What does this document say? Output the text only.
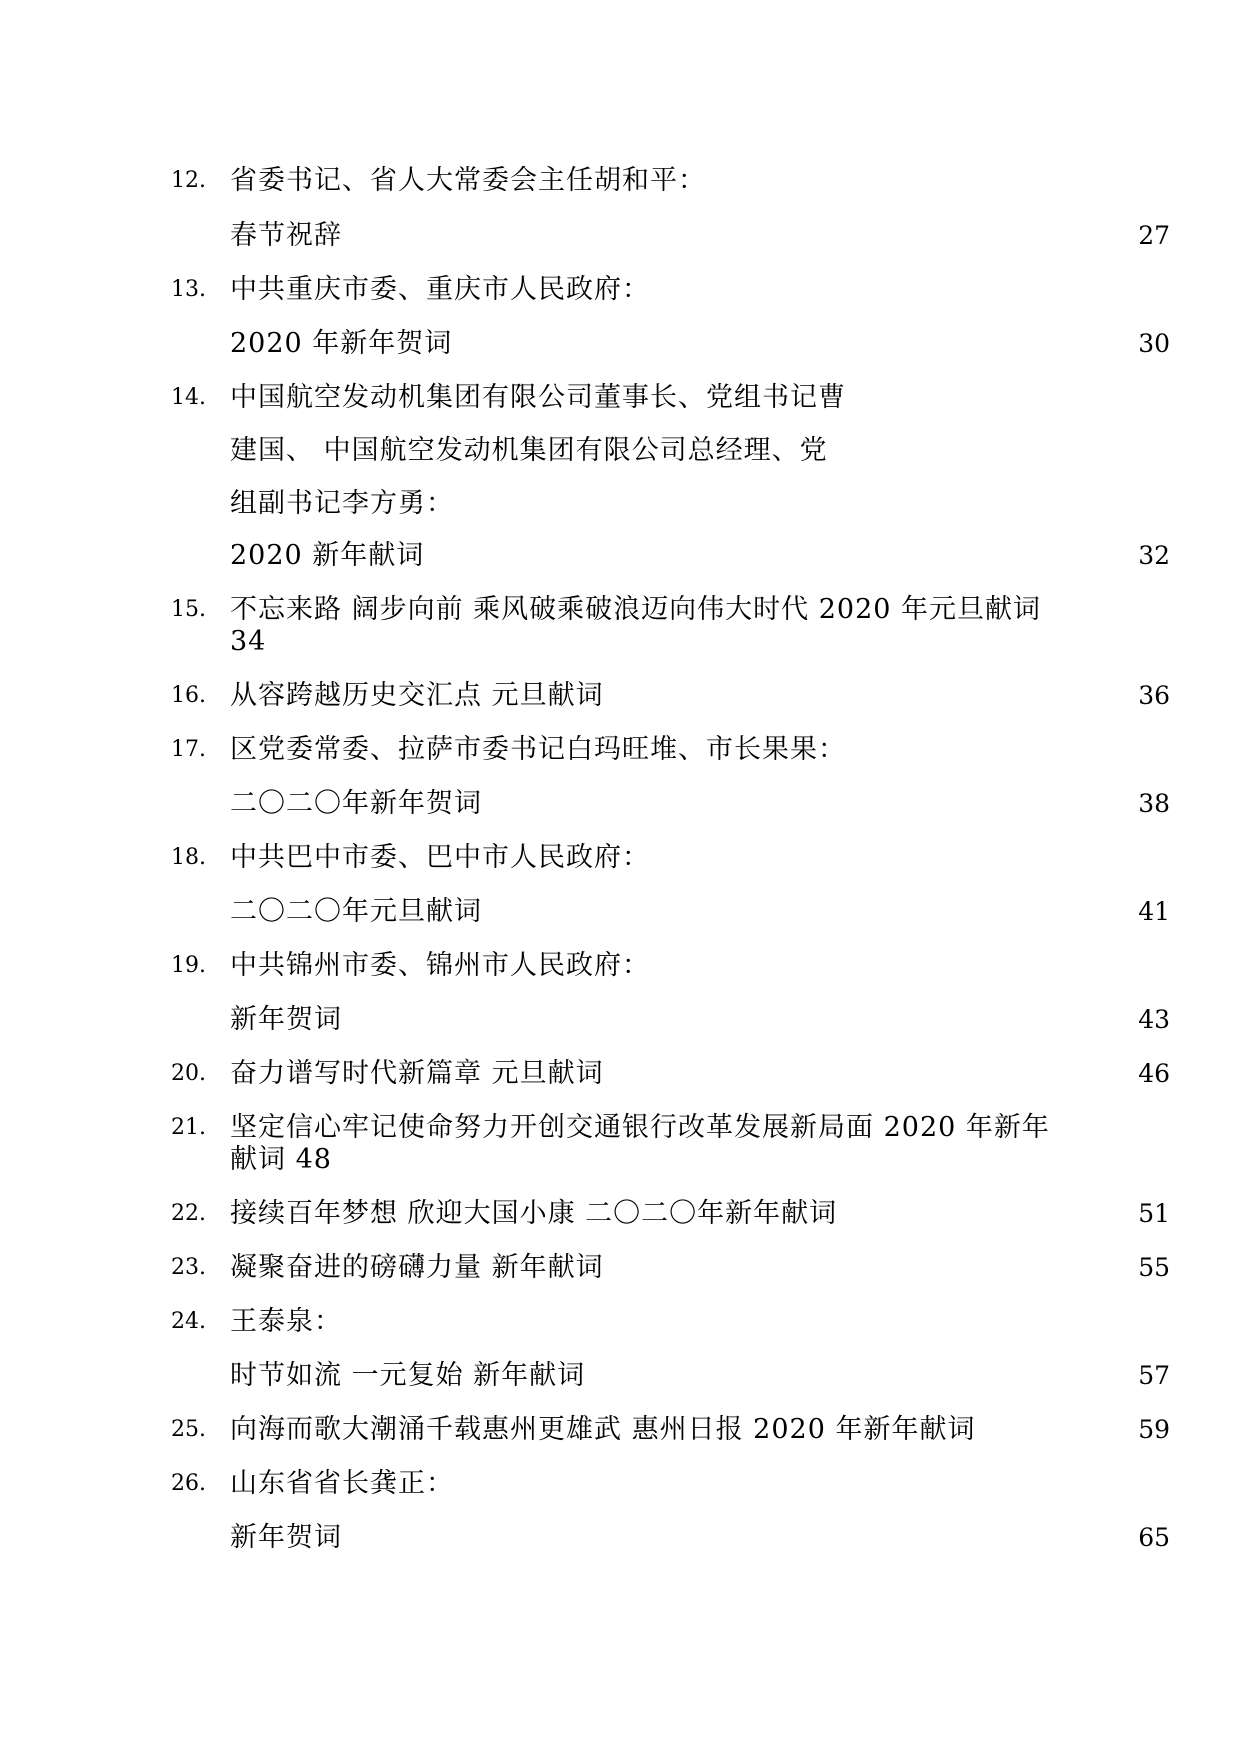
12. 省委书记、省人大常委会主任胡和平：
春节祝辞	27
13. 中共重庆市委、重庆市人民政府：
2020 年新年贺词	30
14. 中国航空发动机集团有限公司董事长、党组书记曹
建国、 中国航空发动机集团有限公司总经理、党
组副书记李方勇：
2020 新年献词	32
15. 不忘来路 阔步向前 乘风破乘破浪迈向伟大时代 2020 年元旦献词
34
16. 从容跨越历史交汇点 元旦献词	36
17. 区党委常委、拉萨市委书记白玛旺堆、市长果果：
二〇二〇年新年贺词	38
18. 中共巴中市委、巴中市人民政府：
二〇二〇年元旦献词	41
19. 中共锦州市委、锦州市人民政府：
新年贺词	43
20. 奋力谱写时代新篇章 元旦献词	46
21. 坚定信心牢记使命努力开创交通银行改革发展新局面 2020 年新年
献词 48
22. 接续百年梦想 欣迎大国小康 二〇二〇年新年献词	51
23. 凝聚奋进的磅礴力量 新年献词	55
24. 王泰泉：
时节如流 一元复始 新年献词	57
25. 向海而歌大潮涌千载惠州更雄武 惠州日报 2020 年新年献词	59
26. 山东省省长龚正：
新年贺词	65
